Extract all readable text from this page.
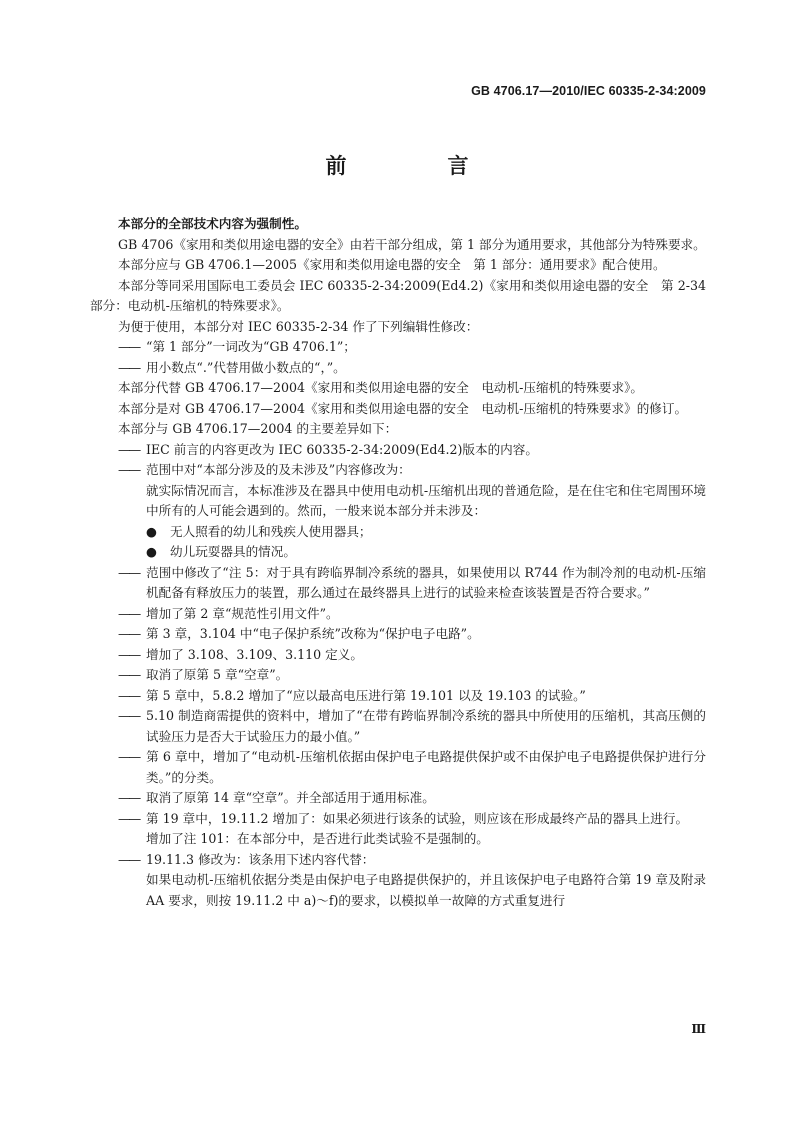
GB 4706.17—2010/IEC 60335-2-34:2009
前　言

本部分的全部技术内容为强制性。

GB 4706《家用和类似用途电器的安全》由若干部分组成，第 1 部分为通用要求，其他部分为特殊要求。

本部分应与 GB 4706.1—2005《家用和类似用途电器的安全　第 1 部分：通用要求》配合使用。

本部分等同采用国际电工委员会 IEC 60335-2-34:2009(Ed4.2)《家用和类似用途电器的安全　第 2-34 部分：电动机-压缩机的特殊要求》。

为便于使用，本部分对 IEC 60335-2-34 作了下列编辑性修改：

—— “第 1 部分”一词改为“GB 4706.1”；

—— 用小数点“.”代替用做小数点的“，”。

本部分代替 GB 4706.17—2004《家用和类似用途电器的安全　电动机-压缩机的特殊要求》。

本部分是对 GB 4706.17—2004《家用和类似用途电器的安全　电动机-压缩机的特殊要求》的修订。

本部分与 GB 4706.17—2004 的主要差异如下：

—— IEC 前言的内容更改为 IEC 60335-2-34:2009(Ed4.2)版本的内容。

—— 范围中对“本部分涉及的及未涉及”内容修改为：

就实际情况而言，本标准涉及在器具中使用电动机-压缩机出现的普通危险，是在住宅和住宅周围环境中所有的人可能会遇到的。然而，一般来说本部分并未涉及：

● 无人照看的幼儿和残疾人使用器具；

● 幼儿玩耍器具的情况。

—— 范围中修改了“注 5：对于具有跨临界制冷系统的器具，如果使用以 R744 作为制冷剂的电动机-压缩机配备有释放压力的装置，那么通过在最终器具上进行的试验来检查该装置是否符合要求。”

—— 增加了第 2 章“规范性引用文件”。

—— 第 3 章，3.104 中“电子保护系统”改称为“保护电子电路”。

—— 增加了 3.108、3.109、3.110 定义。

—— 取消了原第 5 章“空章”。

—— 第 5 章中，5.8.2 增加了“应以最高电压进行第 19.101 以及 19.103 的试验。”

—— 5.10 制造商需提供的资料中，增加了“在带有跨临界制冷系统的器具中所使用的压缩机，其高压侧的试验压力是否大于试验压力的最小值。”

—— 第 6 章中，增加了“电动机-压缩机依据由保护电子电路提供保护或不由保护电子电路提供保护进行分类。”的分类。

—— 取消了原第 14 章“空章”。并全部适用于通用标准。

—— 第 19 章中，19.11.2 增加了：如果必须进行该条的试验，则应该在形成最终产品的器具上进行。

增加了注 101：在本部分中，是否进行此类试验不是强制的。

—— 19.11.3 修改为：该条用下述内容代替：

如果电动机-压缩机依据分类是由保护电子电路提供保护的，并且该保护电子电路符合第 19 章及附录 AA 要求，则按 19.11.2 中 a)～f)的要求，以模拟单一故障的方式重复进行

Ⅲ
